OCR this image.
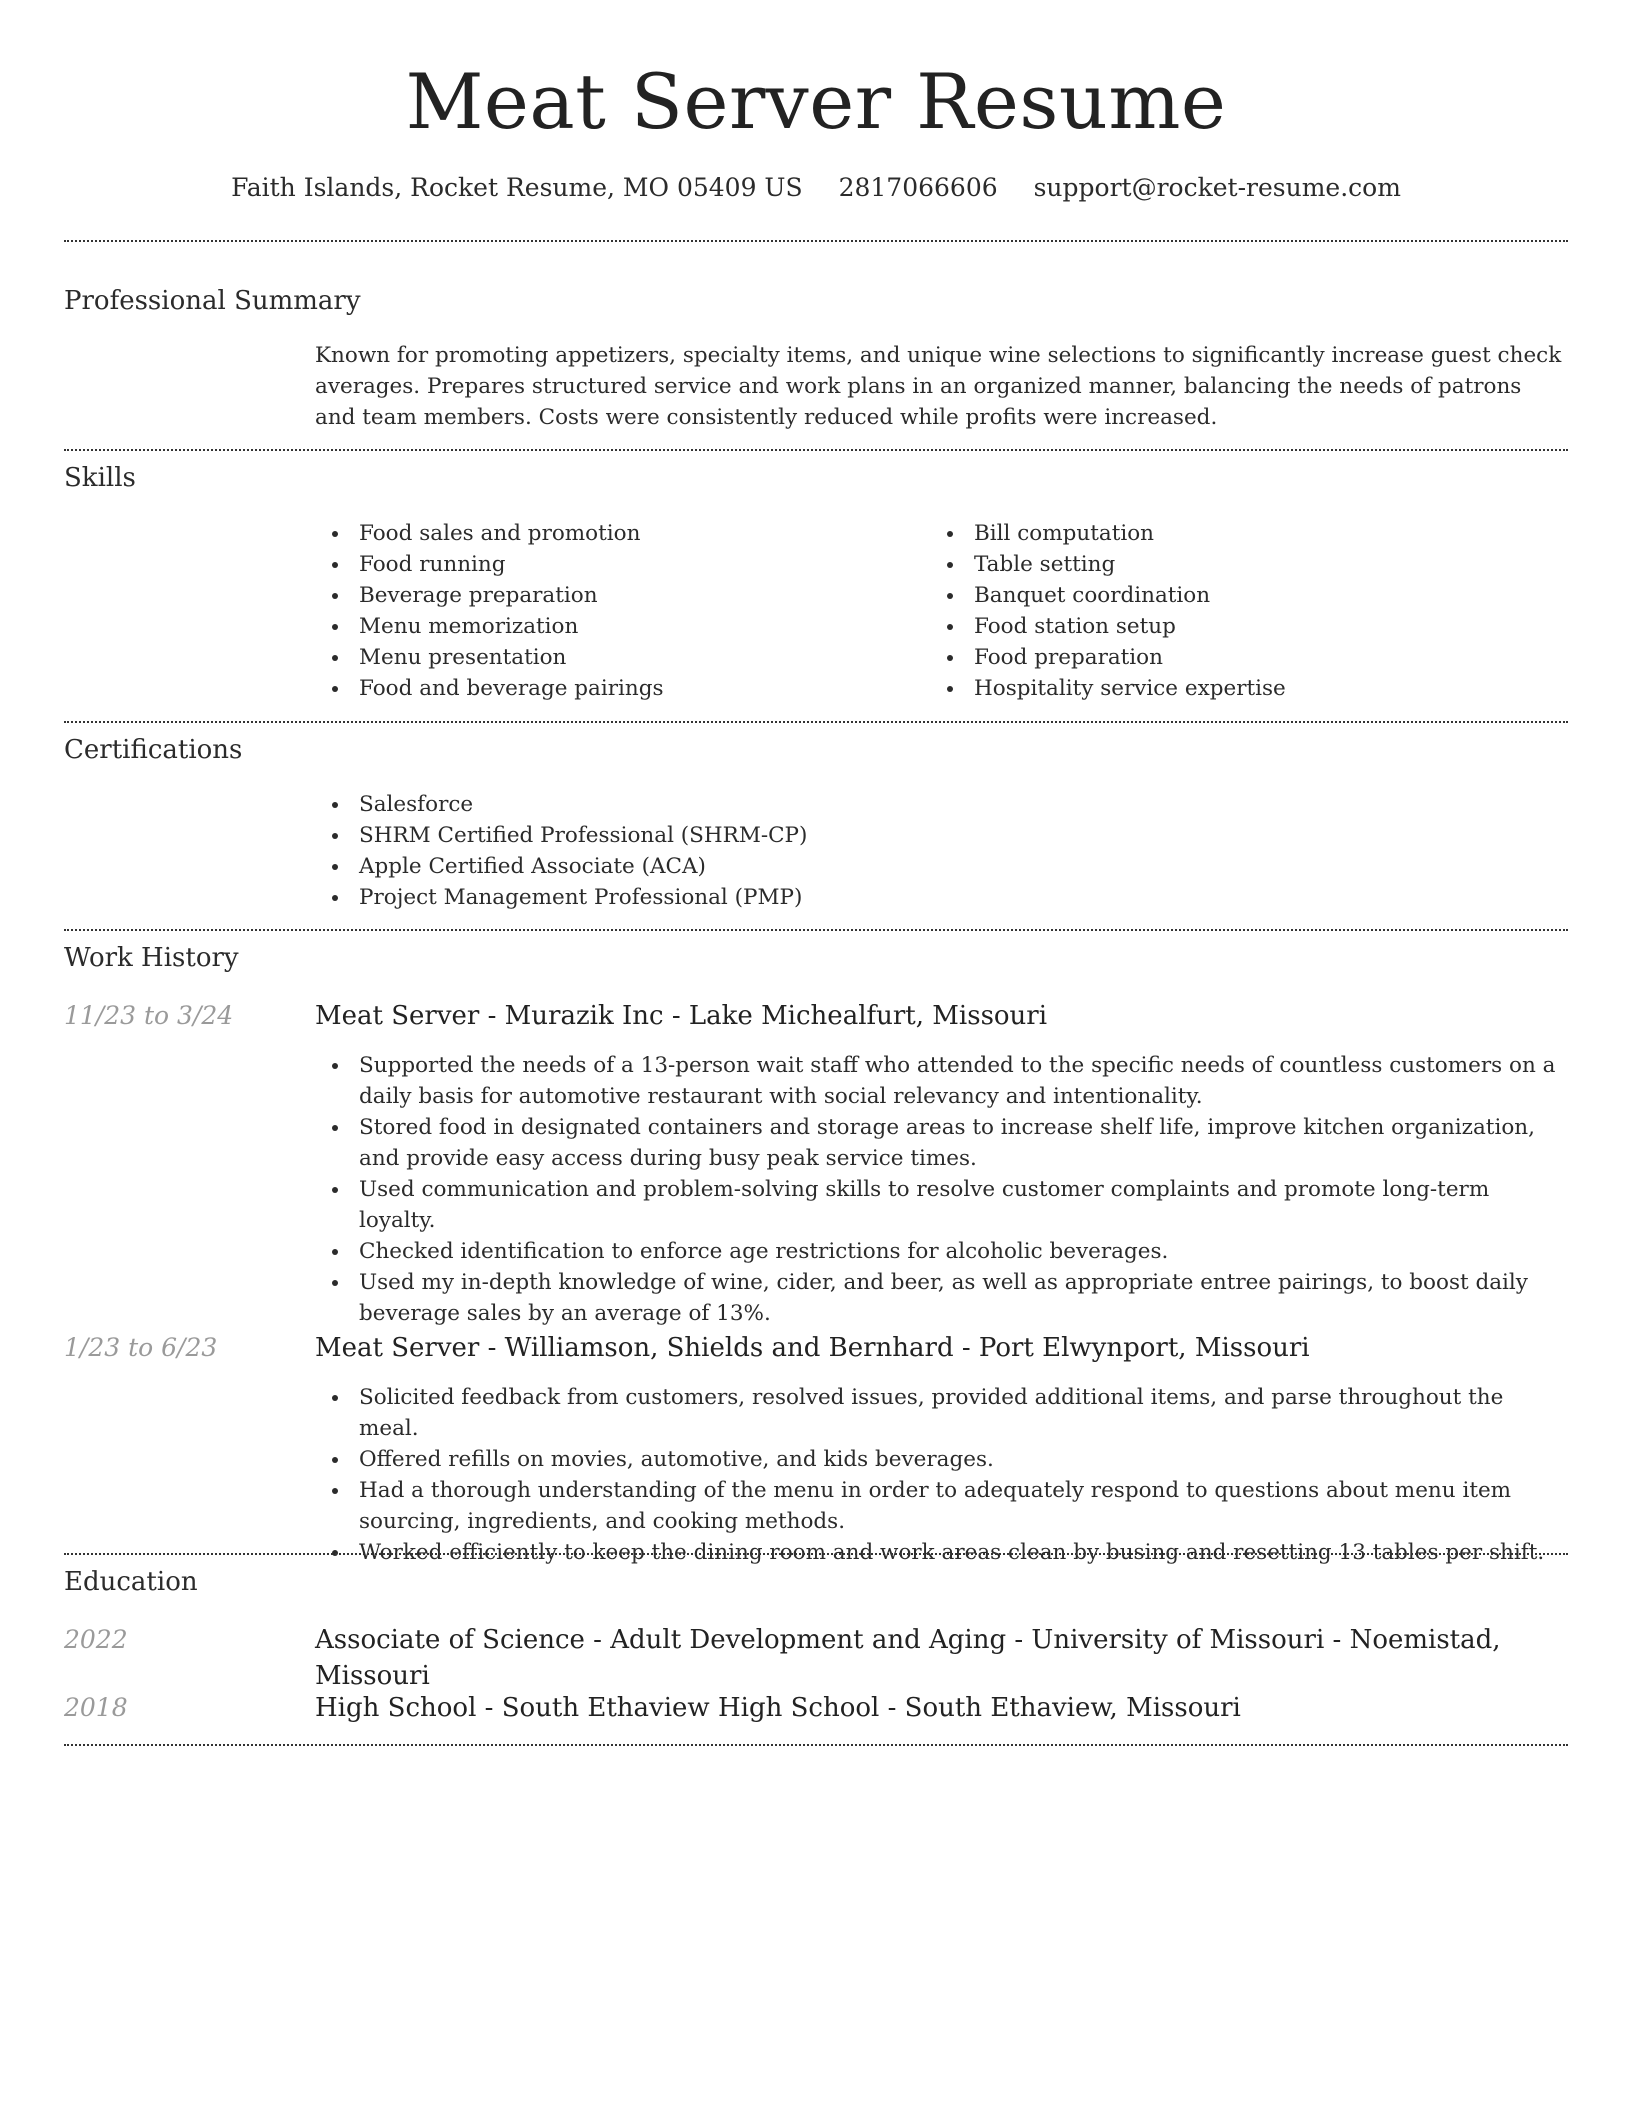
Meat Server Resume
Faith Islands, Rocket Resume, MO 05409 US 2817066606 support@rocket-resume.com
Professional Summary
Known for promoting appetizers, specialty items, and unique wine selections to significantly increase guest check averages. Prepares structured service and work plans in an organized manner, balancing the needs of patrons and team members. Costs were consistently reduced while profits were increased.
Skills
Food sales and promotion
Food running
Beverage preparation
Menu memorization
Menu presentation
Food and beverage pairings
Bill computation
Table setting
Banquet coordination
Food station setup
Food preparation
Hospitality service expertise
Certifications
Salesforce
SHRM Certified Professional (SHRM-CP)
Apple Certified Associate (ACA)
Project Management Professional (PMP)
Work History
11/23 to 3/24	Meat Server - Murazik Inc - Lake Michealfurt, Missouri
Supported the needs of a 13-person wait staff who attended to the specific needs of countless customers on a daily basis for automotive restaurant with social relevancy and intentionality.
Stored food in designated containers and storage areas to increase shelf life, improve kitchen organization, and provide easy access during busy peak service times.
Used communication and problem-solving skills to resolve customer complaints and promote long-term loyalty.
Checked identification to enforce age restrictions for alcoholic beverages.
Used my in-depth knowledge of wine, cider, and beer, as well as appropriate entree pairings, to boost daily beverage sales by an average of 13%.
1/23 to 6/23	Meat Server - Williamson, Shields and Bernhard - Port Elwynport, Missouri
Solicited feedback from customers, resolved issues, provided additional items, and parse throughout the meal.
Offered refills on movies, automotive, and kids beverages.
Had a thorough understanding of the menu in order to adequately respond to questions about menu item sourcing, ingredients, and cooking methods.
Worked efficiently to keep the dining room and work areas clean by busing and resetting 13 tables per shift.
Education
2022	Associate of Science - Adult Development and Aging - University of Missouri - Noemistad, Missouri
2018	High School - South Ethaview High School - South Ethaview, Missouri
